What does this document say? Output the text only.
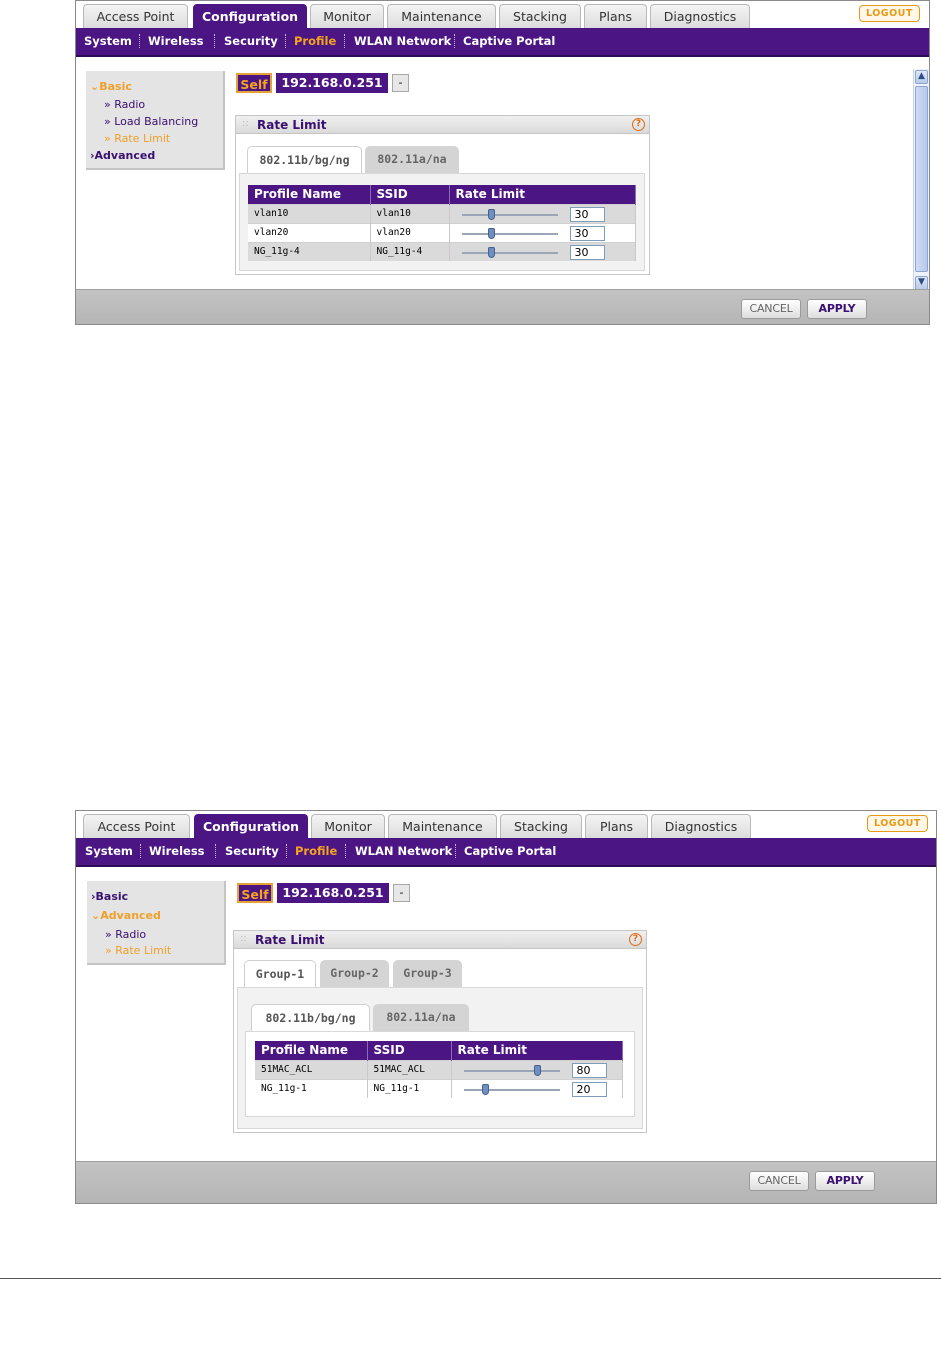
Access Point	Configuration	Monitor	Maintenance	Stacking	Plans	Diagnostics	LOGOUT
System Wireless Security Profile WLAN Network Captive Portal
⌄Basic
» Radio
» Load Balancing
» Rate Limit
›Advanced
Self	192.168.0.251	-
:: Rate Limit	?
802.11b/bg/ng	802.11a/na
Profile Name	SSID	Rate Limit
vlan10	vlan10	30

vlan20	vlan20	30

NG_11g-4	NG_11g-4	30
▲
▼
CANCEL	APPLY
Access Point	Configuration	Monitor	Maintenance	Stacking	Plans	Diagnostics	LOGOUT
System Wireless Security Profile WLAN Network Captive Portal
›Basic
⌄Advanced
» Radio
» Rate Limit
Self	192.168.0.251	-
:: Rate Limit	?
Group-1	Group-2	Group-3
802.11b/bg/ng	802.11a/na
Profile Name	SSID	Rate Limit
51MAC_ACL	51MAC_ACL	80

NG_11g-1	NG_11g-1	20
CANCEL	APPLY
